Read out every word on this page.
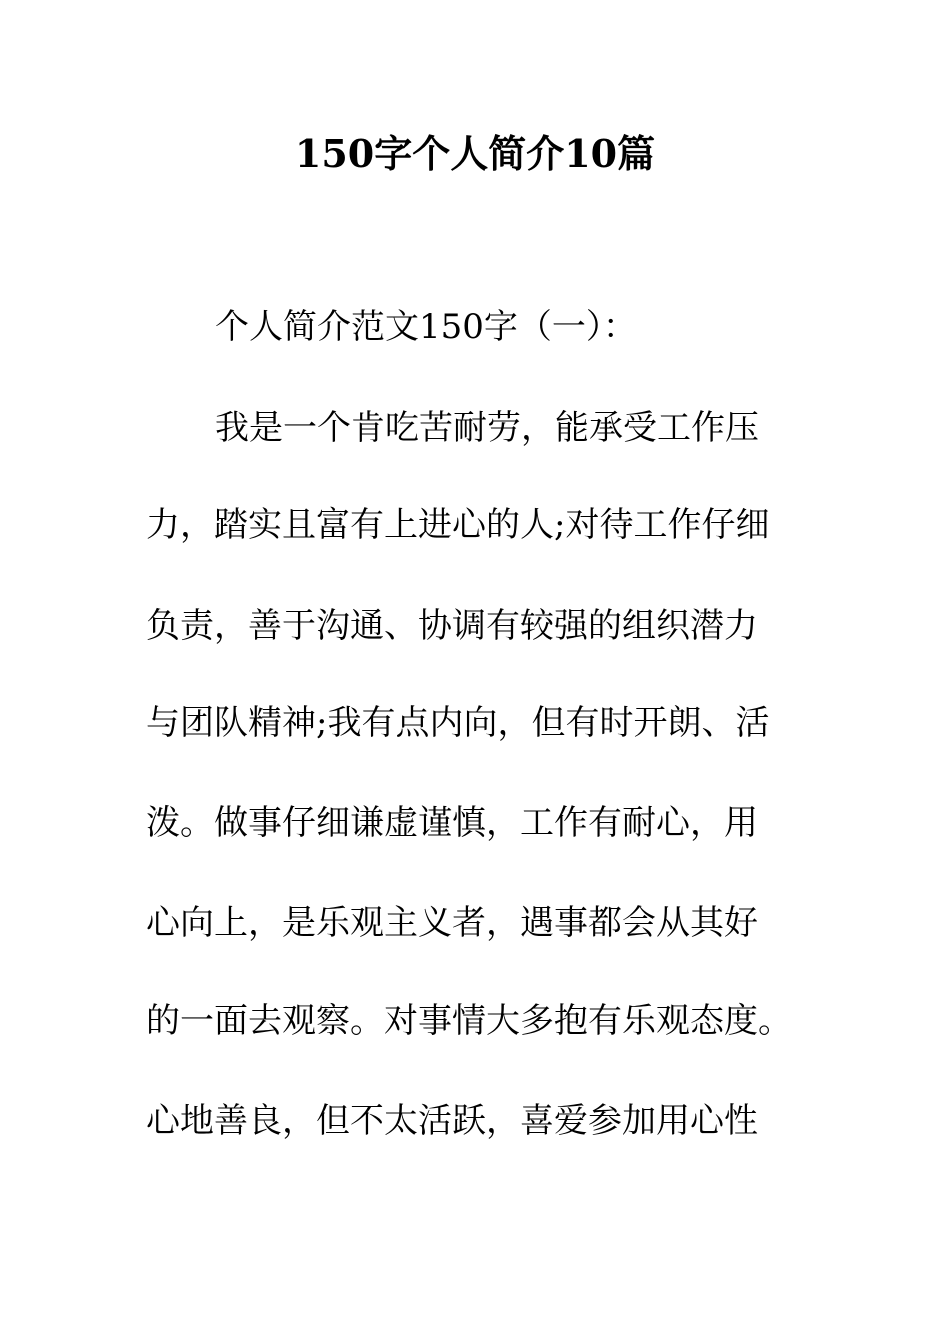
150字个人简介10篇
个人简介范文150字（一）：
我是一个肯吃苦耐劳，能承受工作压
力，踏实且富有上进心的人;对待工作仔细
负责，善于沟通、协调有较强的组织潜力
与团队精神;我有点内向，但有时开朗、活
泼。做事仔细谦虚谨慎，工作有耐心，用
心向上，是乐观主义者，遇事都会从其好
的一面去观察。对事情大多抱有乐观态度。
心地善良，但不太活跃，喜爱参加用心性
